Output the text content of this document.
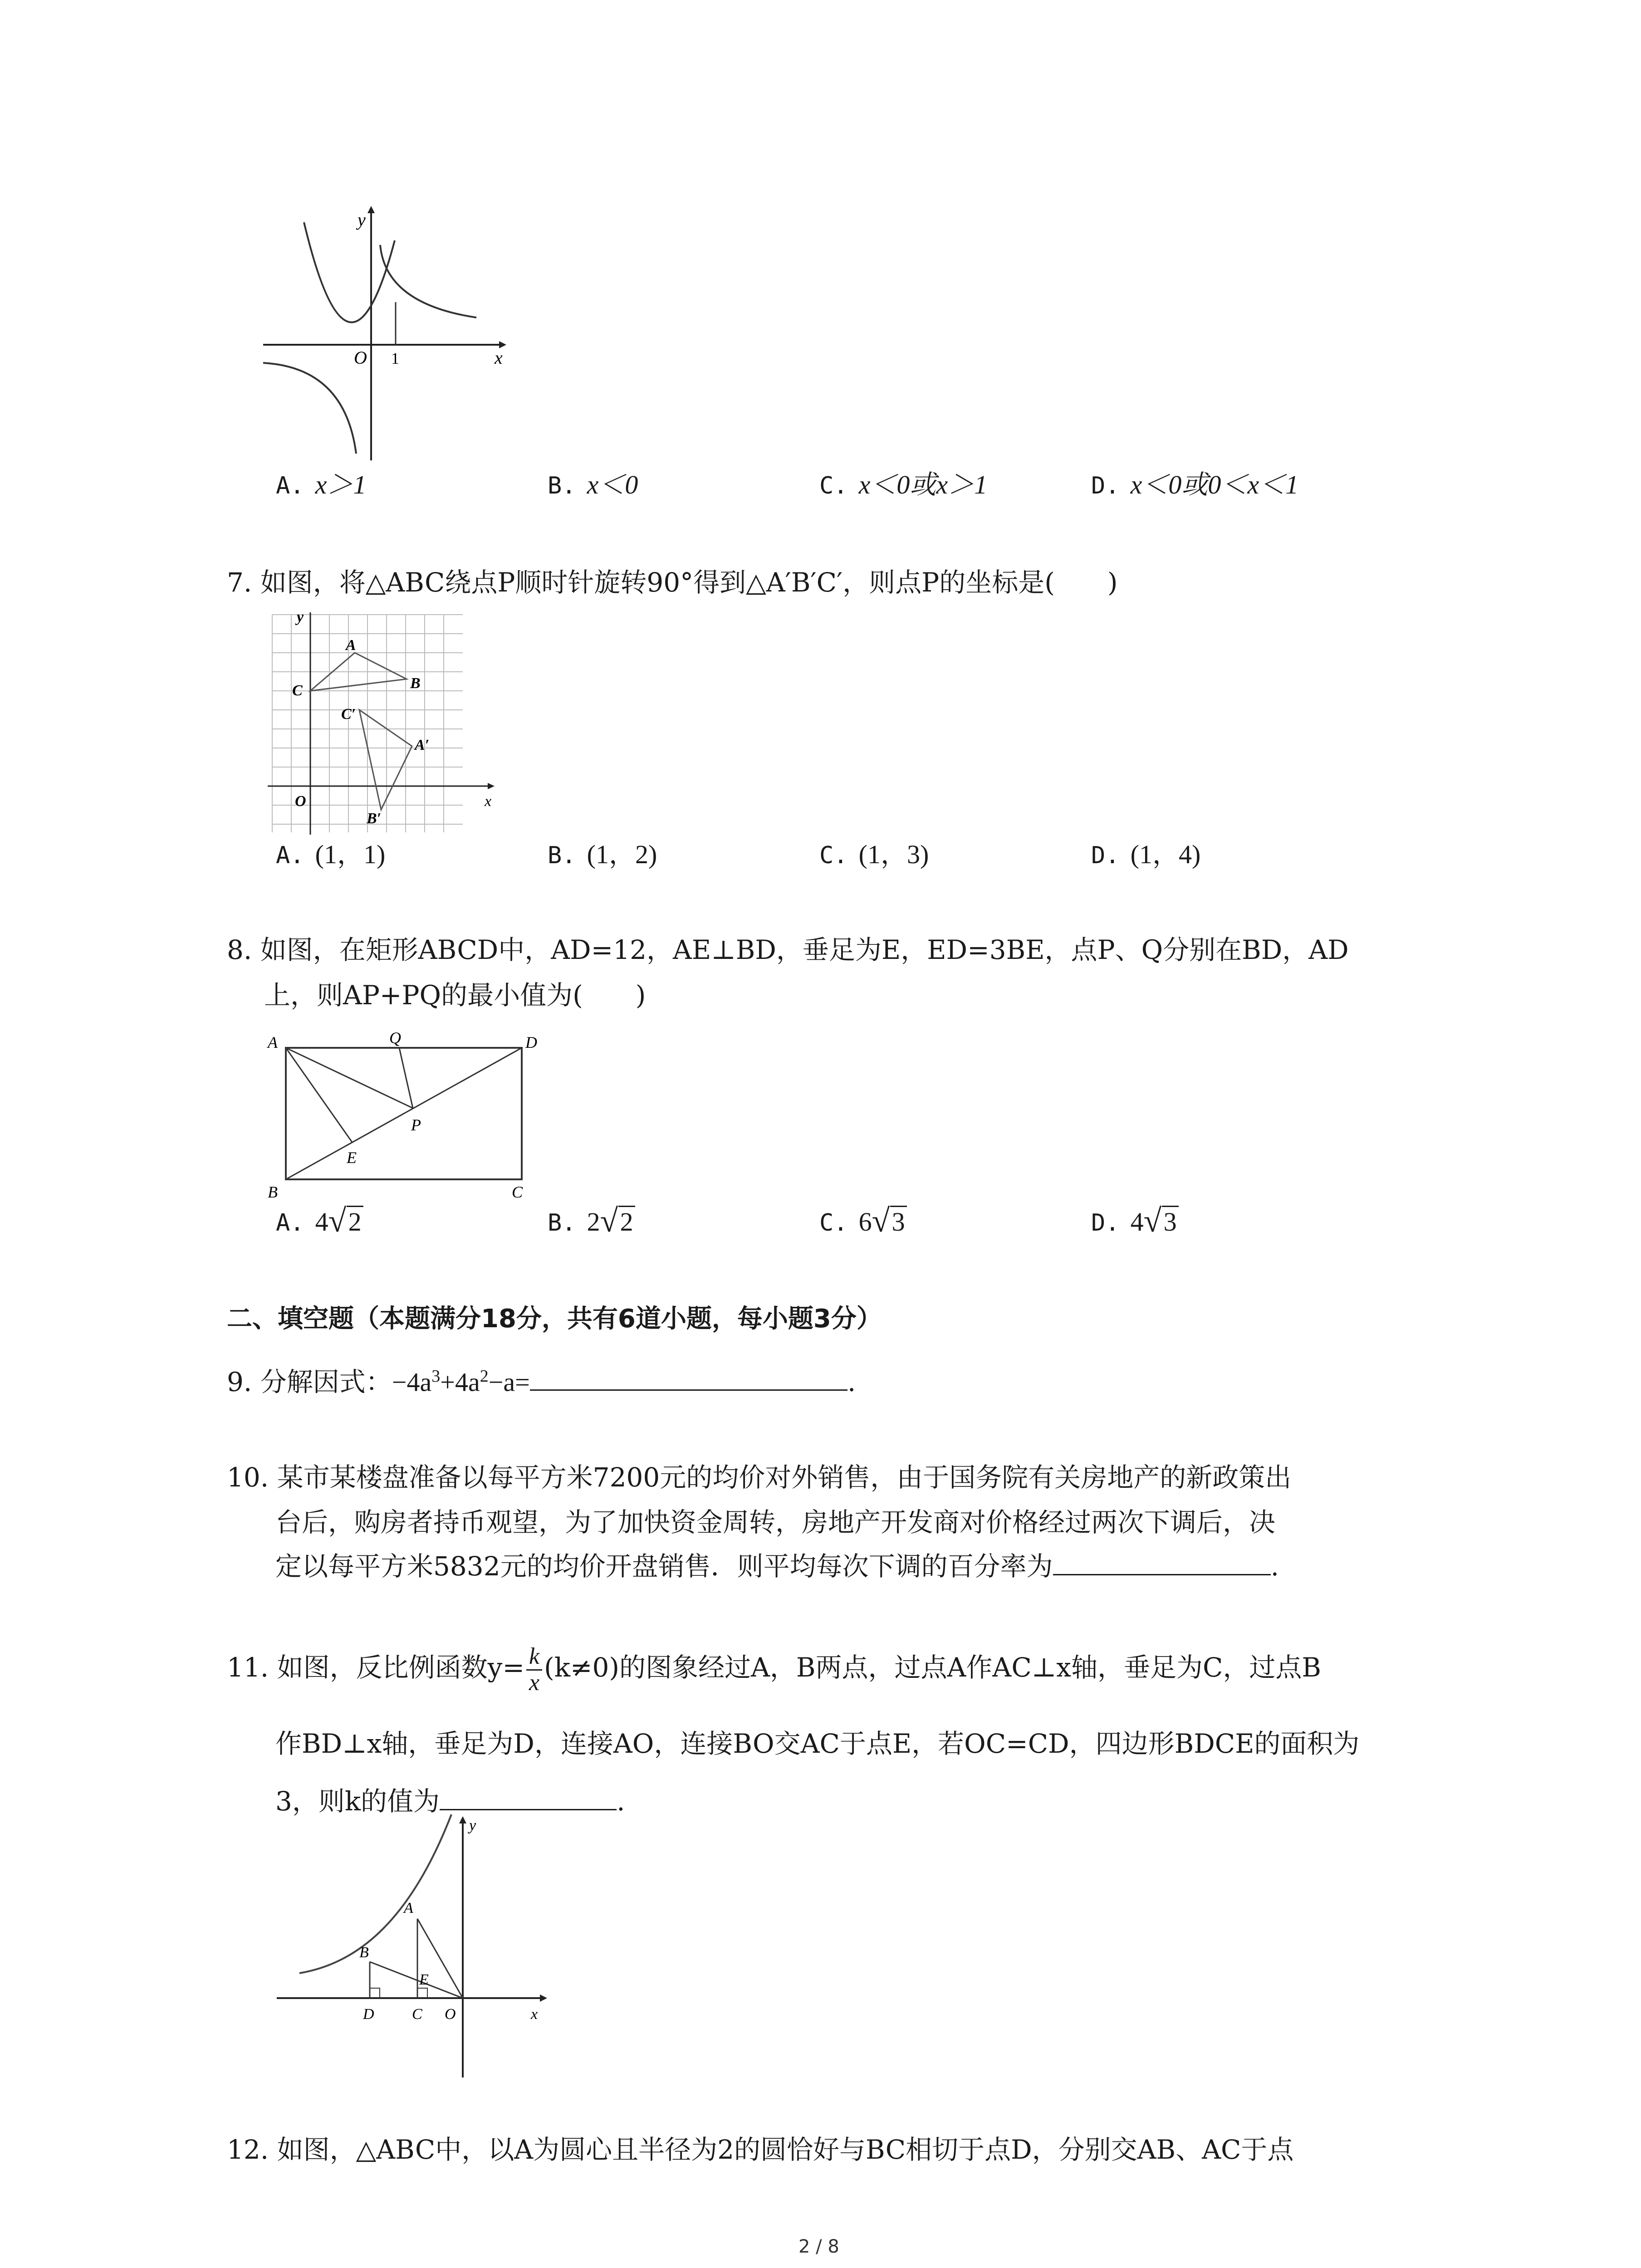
y
x
O 1
A. x＞1	B. x＜0	C. x＜0或x＞1	D. x＜0或0＜x＜1
7. 如图，将△ABC绕点P顺时针旋转90°得到△A′B′C′，则点P的坐标是(　　)
y
x
O
A
B
C
A′
B′
C′
A. (1，1)	B. (1，2)	C. (1，3)	D. (1，4)
8. 如图，在矩形ABCD中，AD=12，AE⊥BD，垂足为E，ED=3BE，点P、Q分别在BD，AD
上，则AP+PQ的最小值为(　　)
A
B	C
D
E
P
Q
A. 4 √ 2	B. 2 √ 2	C. 6 √ 3	D. 4 √ 3
二、填空题（本题满分18分，共有6道小题，每小题3分）
9. 分解因式：$-4a^3+4a^2-a=$	.
10. 某市某楼盘准备以每平方米7200元的均价对外销售，由于国务院有关房地产的新政策出
台后，购房者持币观望，为了加快资金周转，房地产开发商对价格经过两次下调后，决
定以每平方米5832元的均价开盘销售．则平均每次下调的百分率为	.
11. 如图，反比例函数$y= \frac{k}{x} (k\ne 0)$的图象经过A，B两点，过点A作AC⊥x轴，垂足为C，过点B
作BD⊥x轴，垂足为D，连接AO，连接BO交AC于点E，若OC=CD，四边形BDCE的面积为
3，则k的值为	.
y
x
O
A
B
C
D
E
12. 如图，△ABC中，以A为圆心且半径为2的圆恰好与BC相切于点D，分别交AB、AC于点
2 / 8
